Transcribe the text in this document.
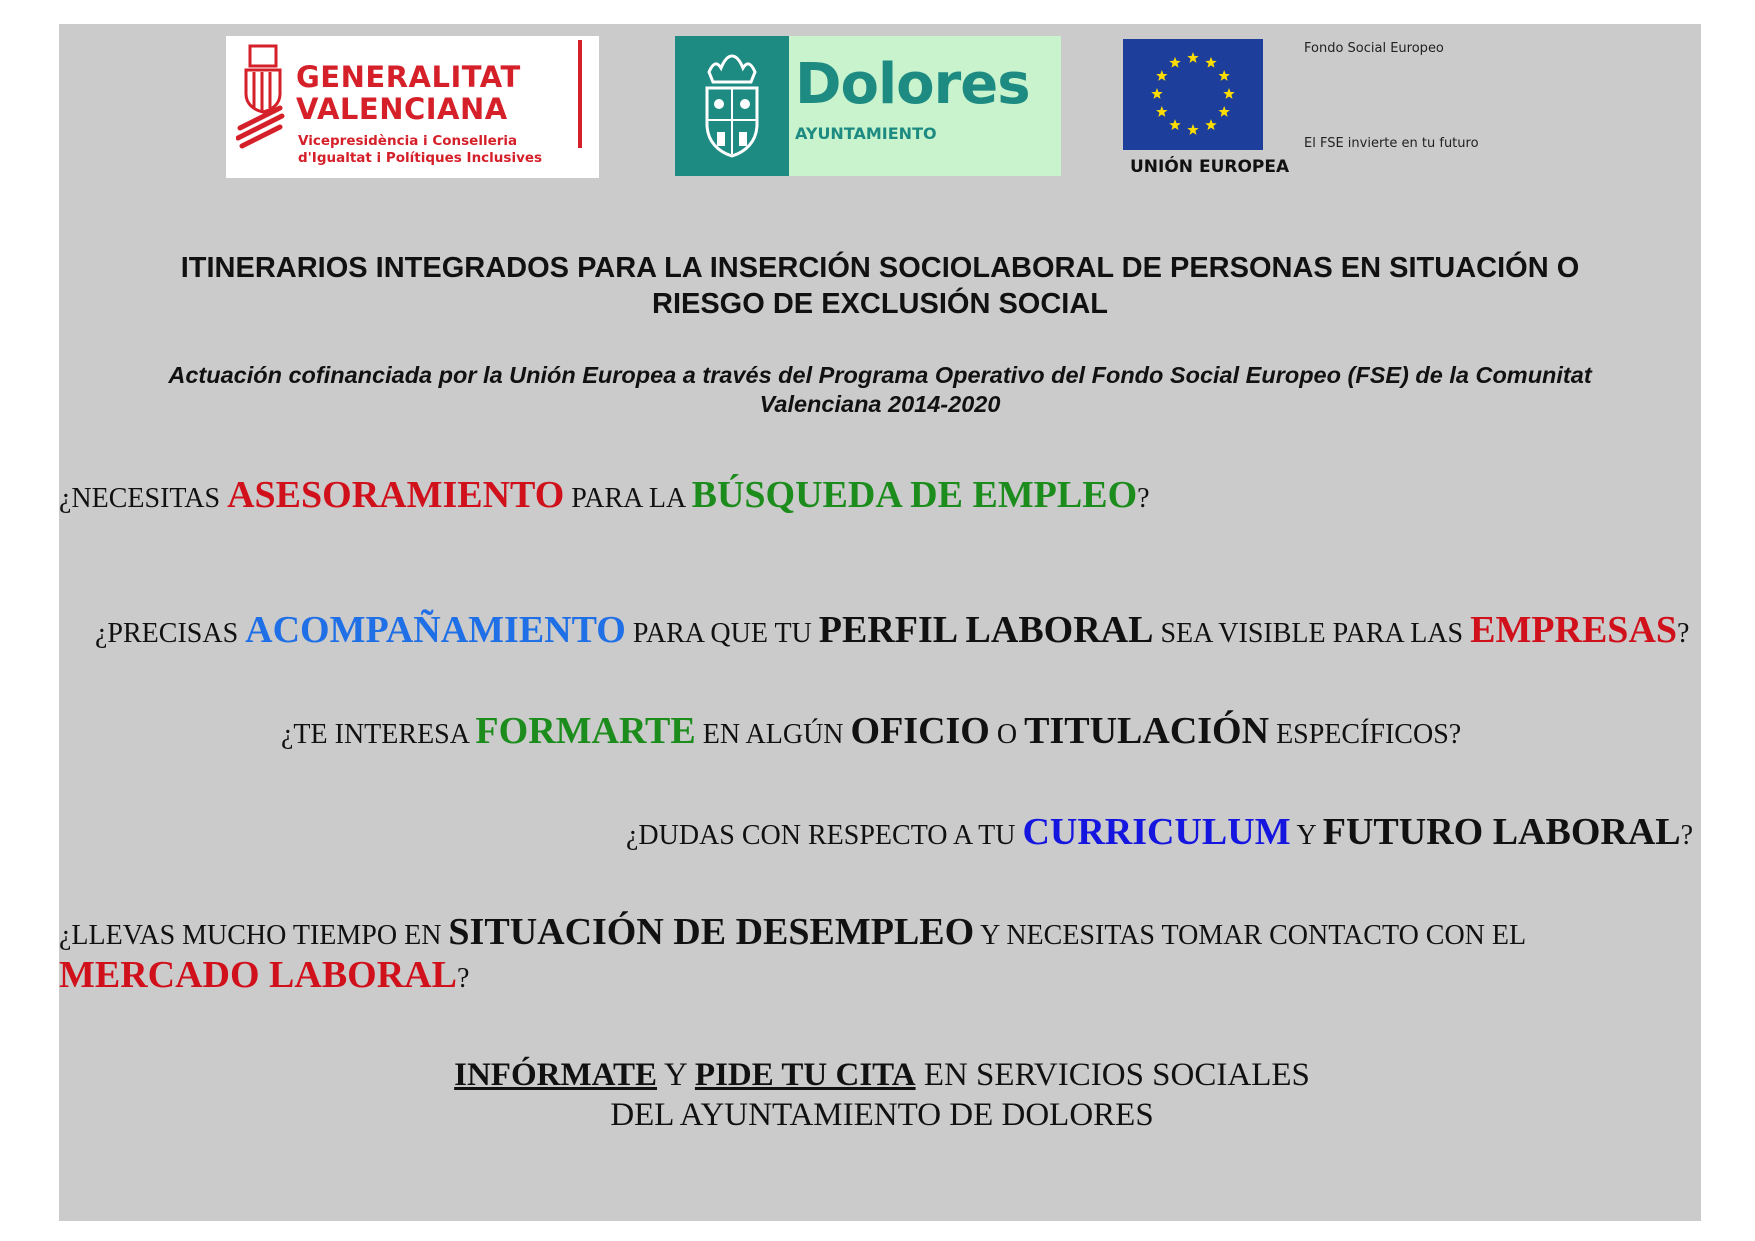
GENERALITAT
VALENCIANA
Vicepresidència i Conselleria
d'Igualtat i Polítiques Inclusives
Dolores
AYUNTAMIENTO
UNIÓN EUROPEA
Fondo Social Europeo
El FSE invierte en tu futuro
ITINERARIOS INTEGRADOS PARA LA INSERCIÓN SOCIOLABORAL DE PERSONAS EN SITUACIÓN O
RIESGO DE EXCLUSIÓN SOCIAL
Actuación cofinanciada por la Unión Europea a través del Programa Operativo del Fondo Social Europeo (FSE) de la Comunitat
Valenciana 2014-2020
¿NECESITAS ASESORAMIENTO PARA LA BÚSQUEDA DE EMPLEO?
¿PRECISAS ACOMPAÑAMIENTO PARA QUE TU PERFIL LABORAL SEA VISIBLE PARA LAS EMPRESAS?
¿TE INTERESA FORMARTE EN ALGÚN OFICIO O TITULACIÓN ESPECÍFICOS?
¿DUDAS CON RESPECTO A TU CURRICULUM Y FUTURO LABORAL?
¿LLEVAS MUCHO TIEMPO EN SITUACIÓN DE DESEMPLEO Y NECESITAS TOMAR CONTACTO CON EL
MERCADO LABORAL?
INFÓRMATE Y PIDE TU CITA EN SERVICIOS SOCIALES
DEL AYUNTAMIENTO DE DOLORES
